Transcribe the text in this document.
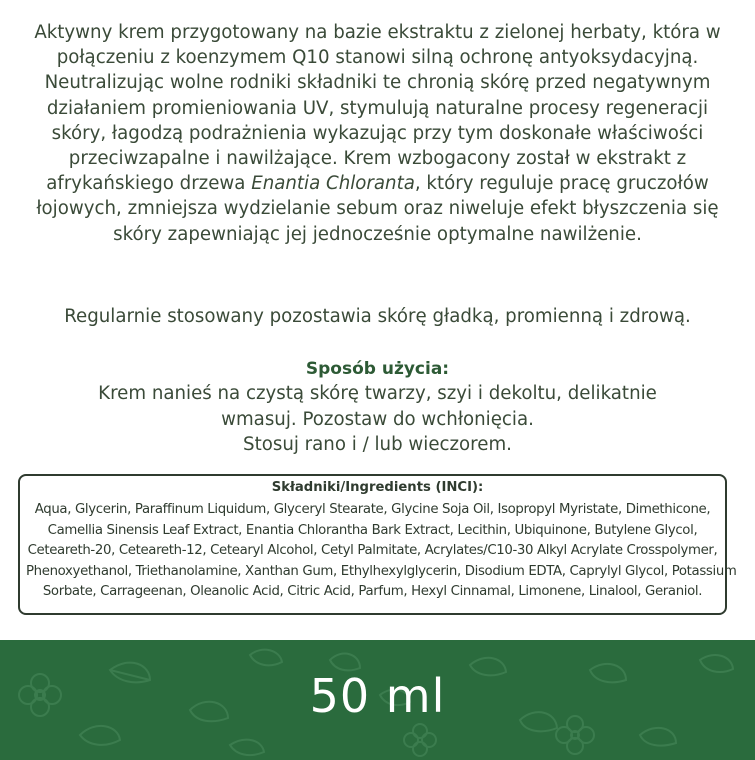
Aktywny krem przygotowany na bazie ekstraktu z zielonej herbaty, która w

połączeniu z koenzymem Q10 stanowi silną ochronę antyoksydacyjną.

Neutralizując wolne rodniki składniki te chronią skórę przed negatywnym

działaniem promieniowania UV, stymulują naturalne procesy regeneracji

skóry, łagodzą podrażnienia wykazując przy tym doskonałe właściwości

przeciwzapalne i nawilżające. Krem wzbogacony został w ekstrakt z

afrykańskiego drzewa Enantia Chloranta, który reguluje pracę gruczołów

łojowych, zmniejsza wydzielanie sebum oraz niweluje efekt błyszczenia się

skóry zapewniając jej jednocześnie optymalne nawilżenie.

Regularnie stosowany pozostawia skórę gładką, promienną i zdrową.
Sposób użycia:
Krem nanieś na czystą skórę twarzy, szyi i dekoltu, delikatnie
wmasuj. Pozostaw do wchłonięcia.
Stosuj rano i / lub wieczorem.
Składniki/Ingredients (INCI):
Aqua, Glycerin, Paraffinum Liquidum, Glyceryl Stearate, Glycine Soja Oil, Isopropyl Myristate, Dimethicone,
Camellia Sinensis Leaf Extract, Enantia Chlorantha Bark Extract, Lecithin, Ubiquinone, Butylene Glycol,
Ceteareth-20, Ceteareth-12, Cetearyl Alcohol, Cetyl Palmitate, Acrylates/C10-30 Alkyl Acrylate Crosspolymer,
Phenoxyethanol, Triethanolamine, Xanthan Gum, Ethylhexylglycerin, Disodium EDTA, Caprylyl Glycol, Potassium
Sorbate, Carrageenan, Oleanolic Acid, Citric Acid, Parfum, Hexyl Cinnamal, Limonene, Linalool, Geraniol.
50 ml
